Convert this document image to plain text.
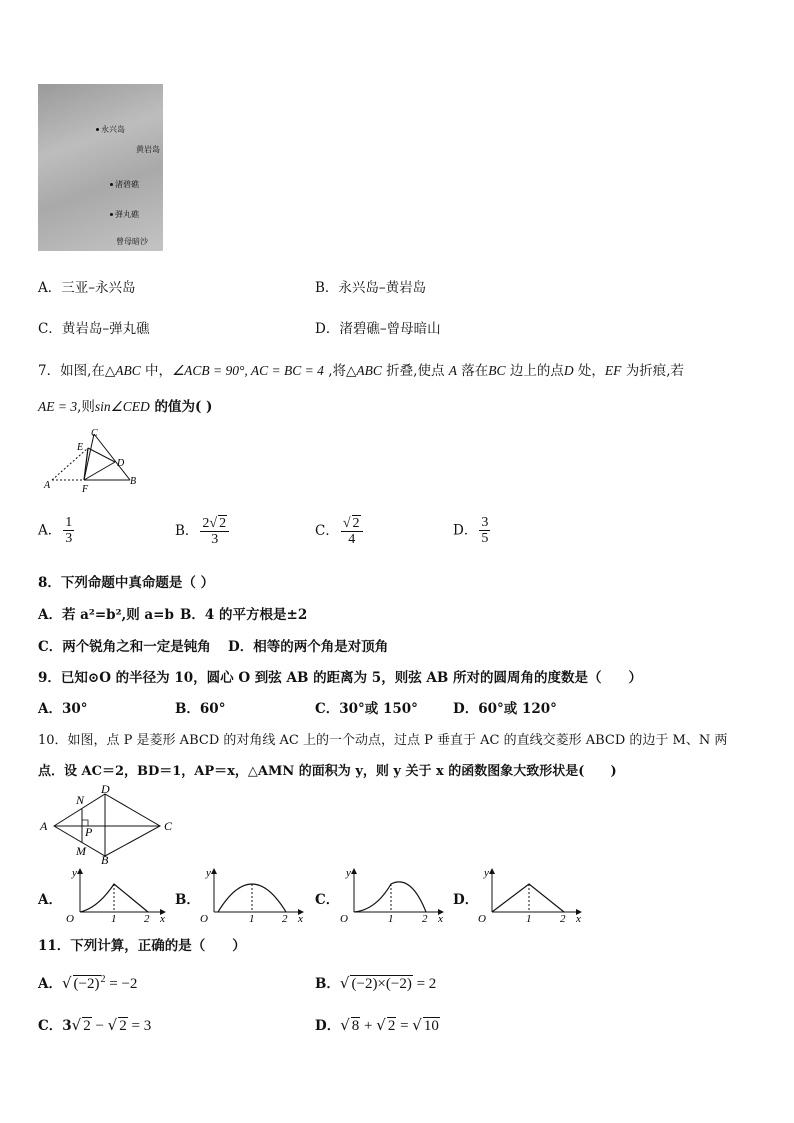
永兴岛
黄岩岛
渚碧礁
弹丸礁
曾母暗沙
A．三亚–永兴岛	B．永兴岛–黄岩岛
C．黄岩岛–弹丸礁	D．渚碧礁–曾母暗山
7．如图,在△ABC 中，∠ACB = 90°, AC = BC = 4 ,将△ABC 折叠,使点 A 落在BC 边上的点D 处，EF 为折痕,若
AE = 3,则sin∠CED 的值为( )
C
E
D
A	F
B
A． $\frac{1}{3}$	B． $\frac{2√ 2}{3}$	C． $\frac{√ 2}{4}$	D． $\frac{3}{5}$
8．下列命题中真命题是（ ）
A．若 a²=b²,则 a=b B．4 的平方根是±2
C．两个锐角之和一定是钝角 D．相等的两个角是对顶角
9．已知⊙O 的半径为 10，圆心 O 到弦 AB 的距离为 5，则弦 AB 所对的圆周角的度数是（　　）
A．30°	B．60°	C．30°或 150°	D．60°或 120°
10．如图，点 P 是菱形 ABCD 的对角线 AC 上的一个动点，过点 P 垂直于 AC 的直线交菱形 ABCD 的边于 M、N 两
点．设 AC＝2，BD＝1，AP＝x，△AMN 的面积为 y，则 y 关于 x 的函数图象大致形状是(　　)
N
D
A	P	C
M
B
A．	B．	C．	D．
y
O	1	2 x
y
O	1	2 x
y
O	1	2 x
y
O	1	2 x
11．下列计算，正确的是（　　）
A．√ $(-2)^2 = -2$	B．√ (−2)×(−2) = 2
C．3√ 2 − √ 2 = 3	D．√ 8 + √ 2 = √ 10
